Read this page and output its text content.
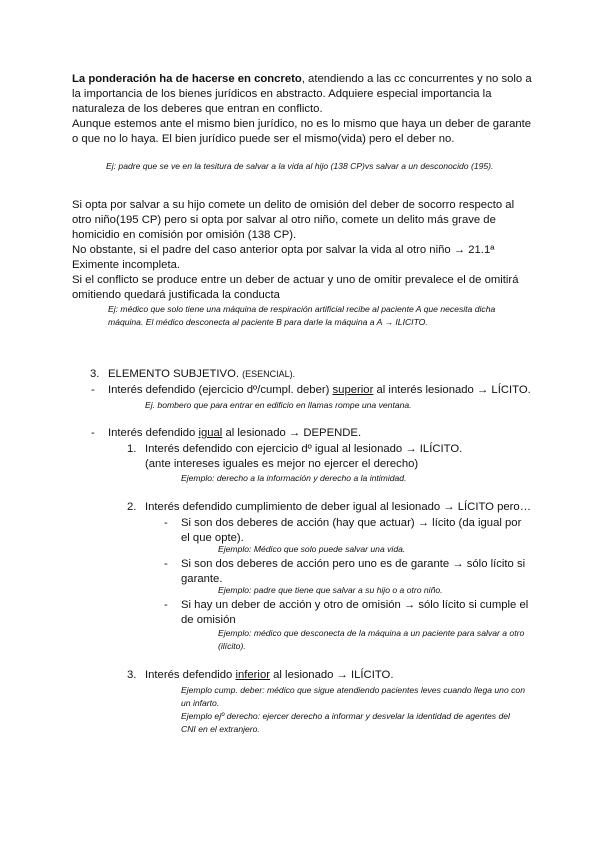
La ponderación ha de hacerse en concreto, atendiendo a las cc concurrentes y no solo a la importancia de los bienes jurídicos en abstracto. Adquiere especial importancia la naturaleza de los deberes que entran en conflicto.

Aunque estemos ante el mismo bien jurídico, no es lo mismo que haya un deber de garante o que no lo haya. El bien jurídico puede ser el mismo(vida) pero el deber no.

Ej: padre que se ve en la tesitura de salvar a la vida al hijo (138 CP)vs salvar a un desconocido (195).

Si opta por salvar a su hijo comete un delito de omisión del deber de socorro respecto al otro niño(195 CP) pero si opta por salvar al otro niño, comete un delito más grave de homicidio en comisión por omisión (138 CP).

No obstante, si el padre del caso anterior opta por salvar la vida al otro niño → 21.1ª Eximente incompleta.

Si el conflicto se produce entre un deber de actuar y uno de omitir prevalece el de omitirá omitiendo quedará justificada la conducta

Ej: médico que solo tiene una máquina de respiración artificial recibe al paciente A que necesita dicha máquina. El médico desconecta al paciente B para darle la máquina a A → ILICITO.

3. ELEMENTO SUBJETIVO. (ESENCIAL).

- Interés defendido (ejercicio dº/cumpl. deber) superior al interés lesionado → LÍCITO.

Ej. bombero que para entrar en edificio en llamas rompe una ventana.

- Interés defendido igual al lesionado → DEPENDE.

1. Interés defendido con ejercicio dº igual al lesionado → ILÍCITO.

(ante intereses iguales es mejor no ejercer el derecho)

Ejemplo: derecho a la información y derecho a la intimidad.

2. Interés defendido cumplimiento de deber igual al lesionado → LÍCITO pero…

- Si son dos deberes de acción (hay que actuar) → lícito (da igual por el que opte).

Ejemplo: Médico que solo puede salvar una vida.

- Si son dos deberes de acción pero uno es de garante → sólo lícito si garante.

Ejemplo: padre que tiene que salvar a su hijo o a otro niño.

- Si hay un deber de acción y otro de omisión → sólo lícito si cumple el de omisión

Ejemplo: médico que desconecta de la máquina a un paciente para salvar a otro (ilícito).

3. Interés defendido inferior al lesionado → ILÍCITO.

Ejemplo cump. deber: médico que sigue atendiendo pacientes leves cuando llega uno con un infarto.

Ejemplo ejº derecho: ejercer derecho a informar y desvelar la identidad de agentes del CNI en el extranjero.
